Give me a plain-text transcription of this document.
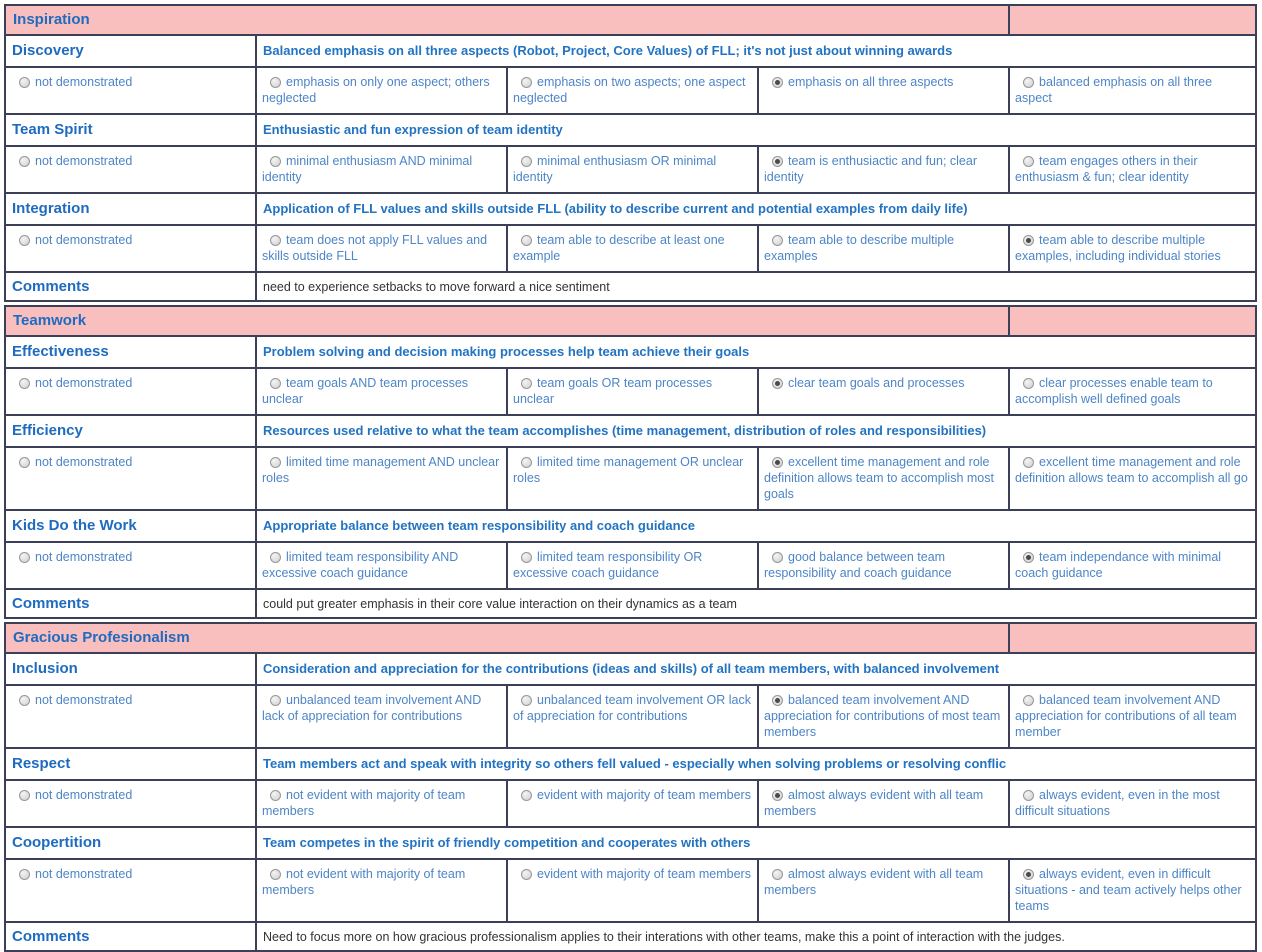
Inspiration				
Discovery	Balanced emphasis on all three aspects (Robot, Project, Core Values) of FLL; it's not just about winning awards			
not demonstrated	emphasis on only one aspect; others neglected	emphasis on two aspects; one aspect neglected	emphasis on all three aspects	balanced emphasis on all three aspect
Team Spirit	Enthusiastic and fun expression of team identity			
not demonstrated	minimal enthusiasm AND minimal identity	minimal enthusiasm OR minimal identity	team is enthusiactic and fun; clear identity	team engages others in their enthusiasm & fun; clear identity
Integration	Application of FLL values and skills outside FLL (ability to describe current and potential examples from daily life)			
not demonstrated	team does not apply FLL values and skills outside FLL	team able to describe at least one example	team able to describe multiple examples	team able to describe multiple examples, including individual stories
Comments	need to experience setbacks to move forward a nice sentiment			
Teamwork				
Effectiveness	Problem solving and decision making processes help team achieve their goals			
not demonstrated	team goals AND team processes unclear	team goals OR team processes unclear	clear team goals and processes	clear processes enable team to accomplish well defined goals
Efficiency	Resources used relative to what the team accomplishes (time management, distribution of roles and responsibilities)			
not demonstrated	limited time management AND unclear roles	limited time management OR unclear roles	excellent time management and role definition allows team to accomplish most goals	excellent time management and role definition allows team to accomplish all go
Kids Do the Work	Appropriate balance between team responsibility and coach guidance			
not demonstrated	limited team responsibility AND excessive coach guidance	limited team responsibility OR excessive coach guidance	good balance between team responsibility and coach guidance	team independance with minimal coach guidance
Comments	could put greater emphasis in their core value interaction on their dynamics as a team			
Gracious Profesionalism				
Inclusion	Consideration and appreciation for the contributions (ideas and skills) of all team members, with balanced involvement			
not demonstrated	unbalanced team involvement AND lack of appreciation for contributions	unbalanced team involvement OR lack of appreciation for contributions	balanced team involvement AND appreciation for contributions of most team members	balanced team involvement AND appreciation for contributions of all team member
Respect	Team members act and speak with integrity so others fell valued - especially when solving problems or resolving conflic			
not demonstrated	not evident with majority of team members	evident with majority of team members	almost always evident with all team members	always evident, even in the most difficult situations
Coopertition	Team competes in the spirit of friendly competition and cooperates with others			
not demonstrated	not evident with majority of team members	evident with majority of team members	almost always evident with all team members	always evident, even in difficult situations - and team actively helps other teams
Comments	Need to focus more on how gracious professionalism applies to their interations with other teams, make this a point of interaction with the judges.			
